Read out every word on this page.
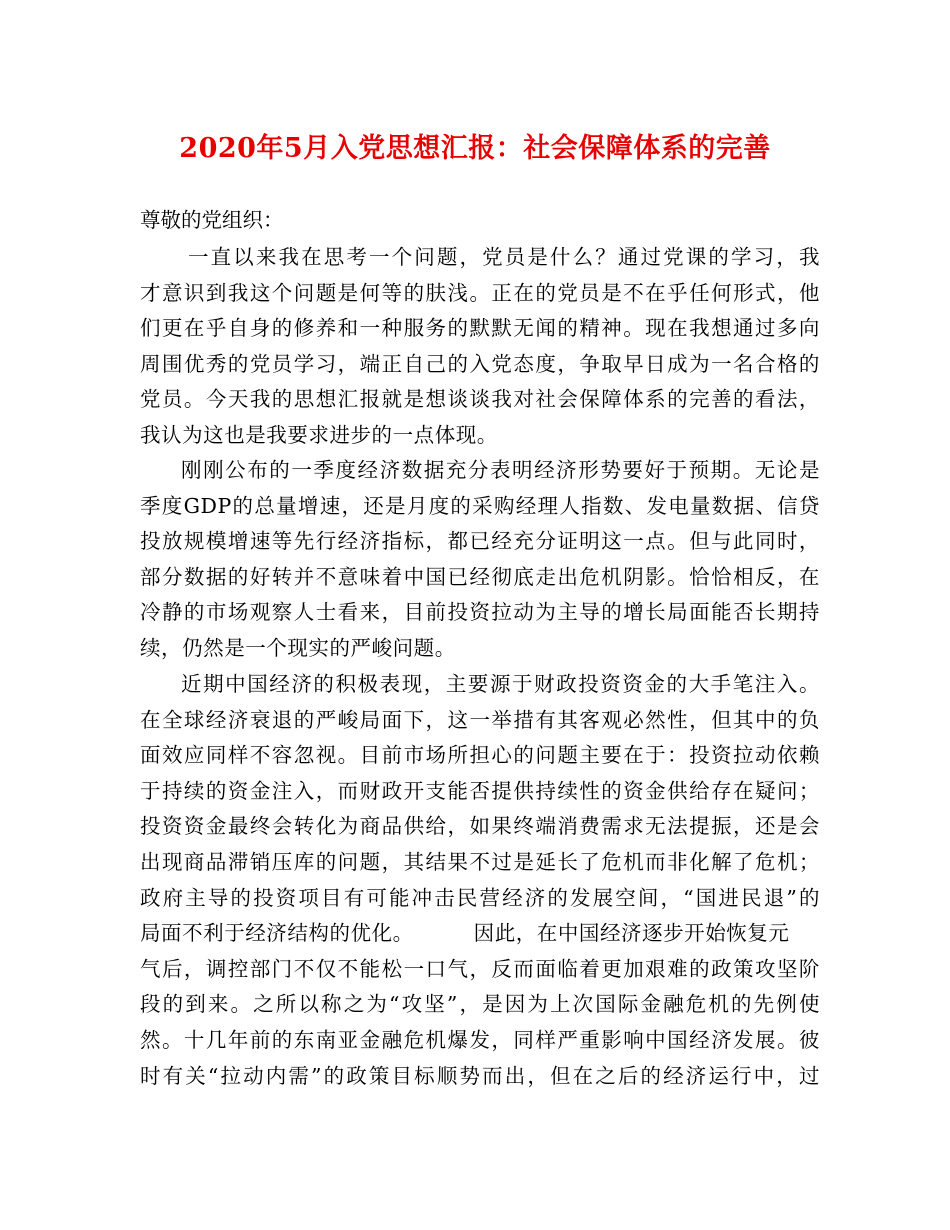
2020年5月入党思想汇报：社会保障体系的完善
尊敬的党组织：
一直以来我在思考一个问题，党员是什么？通过党课的学习，我
才意识到我这个问题是何等的肤浅。正在的党员是不在乎任何形式，他
们更在乎自身的修养和一种服务的默默无闻的精神。现在我想通过多向
周围优秀的党员学习，端正自己的入党态度，争取早日成为一名合格的
党员。今天我的思想汇报就是想谈谈我对社会保障体系的完善的看法，
我认为这也是我要求进步的一点体现。
刚刚公布的一季度经济数据充分表明经济形势要好于预期。无论是
季度GDP的总量增速，还是月度的采购经理人指数、发电量数据、信贷
投放规模增速等先行经济指标，都已经充分证明这一点。但与此同时，
部分数据的好转并不意味着中国已经彻底走出危机阴影。恰恰相反，在
冷静的市场观察人士看来，目前投资拉动为主导的增长局面能否长期持
续，仍然是一个现实的严峻问题。
近期中国经济的积极表现，主要源于财政投资资金的大手笔注入。
在全球经济衰退的严峻局面下，这一举措有其客观必然性，但其中的负
面效应同样不容忽视。目前市场所担心的问题主要在于：投资拉动依赖
于持续的资金注入，而财政开支能否提供持续性的资金供给存在疑问；
投资资金最终会转化为商品供给，如果终端消费需求无法提振，还是会
出现商品滞销压库的问题，其结果不过是延长了危机而非化解了危机；
政府主导的投资项目有可能冲击民营经济的发展空间，“国进民退”的
局面不利于经济结构的优化。	因此，在中国经济逐步开始恢复元
气后，调控部门不仅不能松一口气，反而面临着更加艰难的政策攻坚阶
段的到来。之所以称之为“攻坚”，是因为上次国际金融危机的先例使
然。十几年前的东南亚金融危机爆发，同样严重影响中国经济发展。彼
时有关“拉动内需”的政策目标顺势而出，但在之后的经济运行中，过
